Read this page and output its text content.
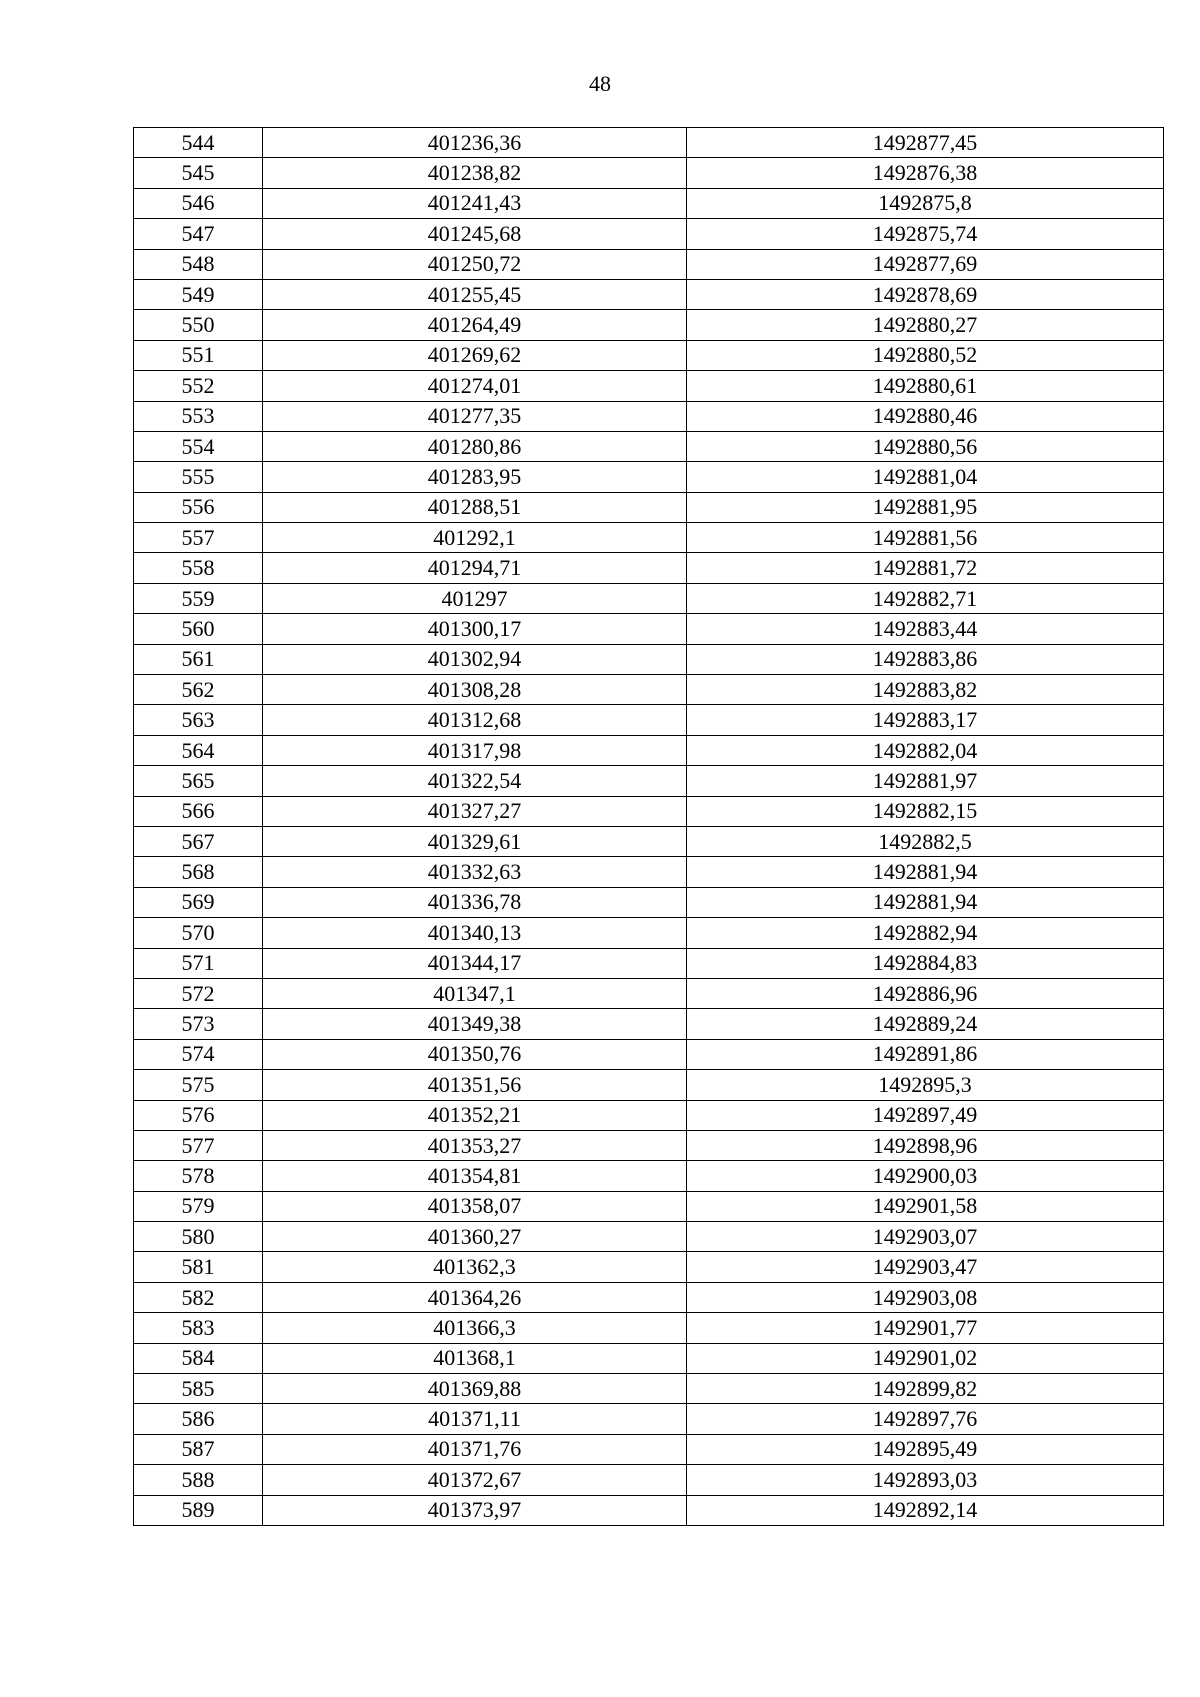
48
544	401236,36	1492877,45
545	401238,82	1492876,38
546	401241,43	1492875,8
547	401245,68	1492875,74
548	401250,72	1492877,69
549	401255,45	1492878,69
550	401264,49	1492880,27
551	401269,62	1492880,52
552	401274,01	1492880,61
553	401277,35	1492880,46
554	401280,86	1492880,56
555	401283,95	1492881,04
556	401288,51	1492881,95
557	401292,1	1492881,56
558	401294,71	1492881,72
559	401297	1492882,71
560	401300,17	1492883,44
561	401302,94	1492883,86
562	401308,28	1492883,82
563	401312,68	1492883,17
564	401317,98	1492882,04
565	401322,54	1492881,97
566	401327,27	1492882,15
567	401329,61	1492882,5
568	401332,63	1492881,94
569	401336,78	1492881,94
570	401340,13	1492882,94
571	401344,17	1492884,83
572	401347,1	1492886,96
573	401349,38	1492889,24
574	401350,76	1492891,86
575	401351,56	1492895,3
576	401352,21	1492897,49
577	401353,27	1492898,96
578	401354,81	1492900,03
579	401358,07	1492901,58
580	401360,27	1492903,07
581	401362,3	1492903,47
582	401364,26	1492903,08
583	401366,3	1492901,77
584	401368,1	1492901,02
585	401369,88	1492899,82
586	401371,11	1492897,76
587	401371,76	1492895,49
588	401372,67	1492893,03
589	401373,97	1492892,14
